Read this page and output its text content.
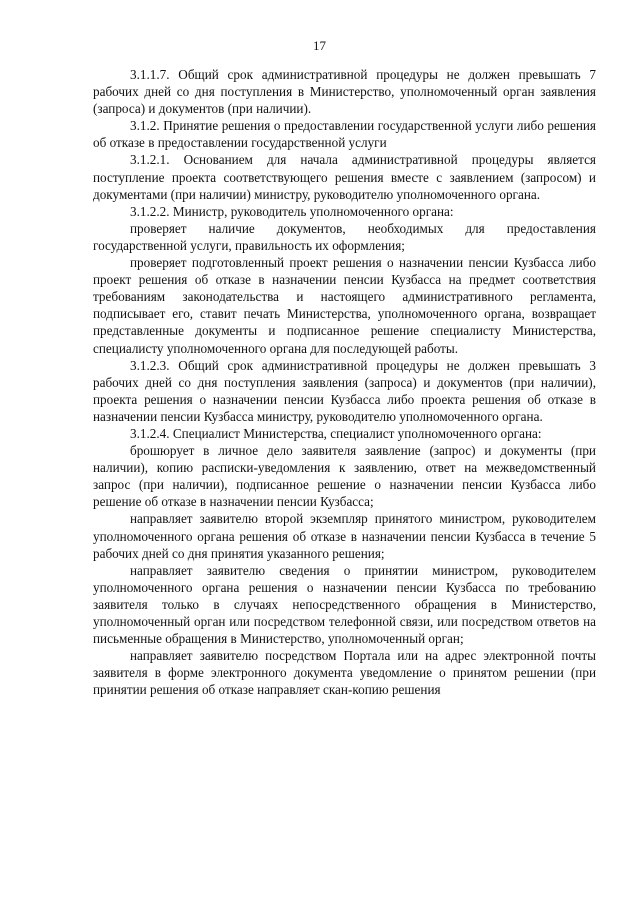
17

3.1.1.7. Общий срок административной процедуры не должен превышать 7 рабочих дней со дня поступления в Министерство, уполномоченный орган заявления (запроса) и документов (при наличии).

3.1.2. Принятие решения о предоставлении государственной услуги либо решения об отказе в предоставлении государственной услуги

3.1.2.1. Основанием для начала административной процедуры является поступление проекта соответствующего решения вместе с заявлением (запросом) и документами (при наличии) министру, руководителю уполномоченного органа.

3.1.2.2. Министр, руководитель уполномоченного органа:

проверяет наличие документов, необходимых для предоставления государственной услуги, правильность их оформления;

проверяет подготовленный проект решения о назначении пенсии Кузбасса либо проект решения об отказе в назначении пенсии Кузбасса на предмет соответствия требованиям законодательства и настоящего административного регламента, подписывает его, ставит печать Министерства, уполномоченного органа, возвращает представленные документы и подписанное решение специалисту Министерства, специалисту уполномоченного органа для последующей работы.

3.1.2.3. Общий срок административной процедуры не должен превышать 3 рабочих дней со дня поступления заявления (запроса) и документов (при наличии), проекта решения о назначении пенсии Кузбасса либо проекта решения об отказе в назначении пенсии Кузбасса министру, руководителю уполномоченного органа.

3.1.2.4. Специалист Министерства, специалист уполномоченного органа:

брошюрует в личное дело заявителя заявление (запрос) и документы (при наличии), копию расписки-уведомления к заявлению, ответ на межведомственный запрос (при наличии), подписанное решение о назначении пенсии Кузбасса либо решение об отказе в назначении пенсии Кузбасса;

направляет заявителю второй экземпляр принятого министром, руководителем уполномоченного органа решения об отказе в назначении пенсии Кузбасса в течение 5 рабочих дней со дня принятия указанного решения;

направляет заявителю сведения о принятии министром, руководителем уполномоченного органа решения о назначении пенсии Кузбасса по требованию заявителя только в случаях непосредственного обращения в Министерство, уполномоченный орган или посредством телефонной связи, или посредством ответов на письменные обращения в Министерство, уполномоченный орган;

направляет заявителю посредством Портала или на адрес электронной почты заявителя в форме электронного документа уведомление о принятом решении (при принятии решения об отказе направляет скан-копию решения
